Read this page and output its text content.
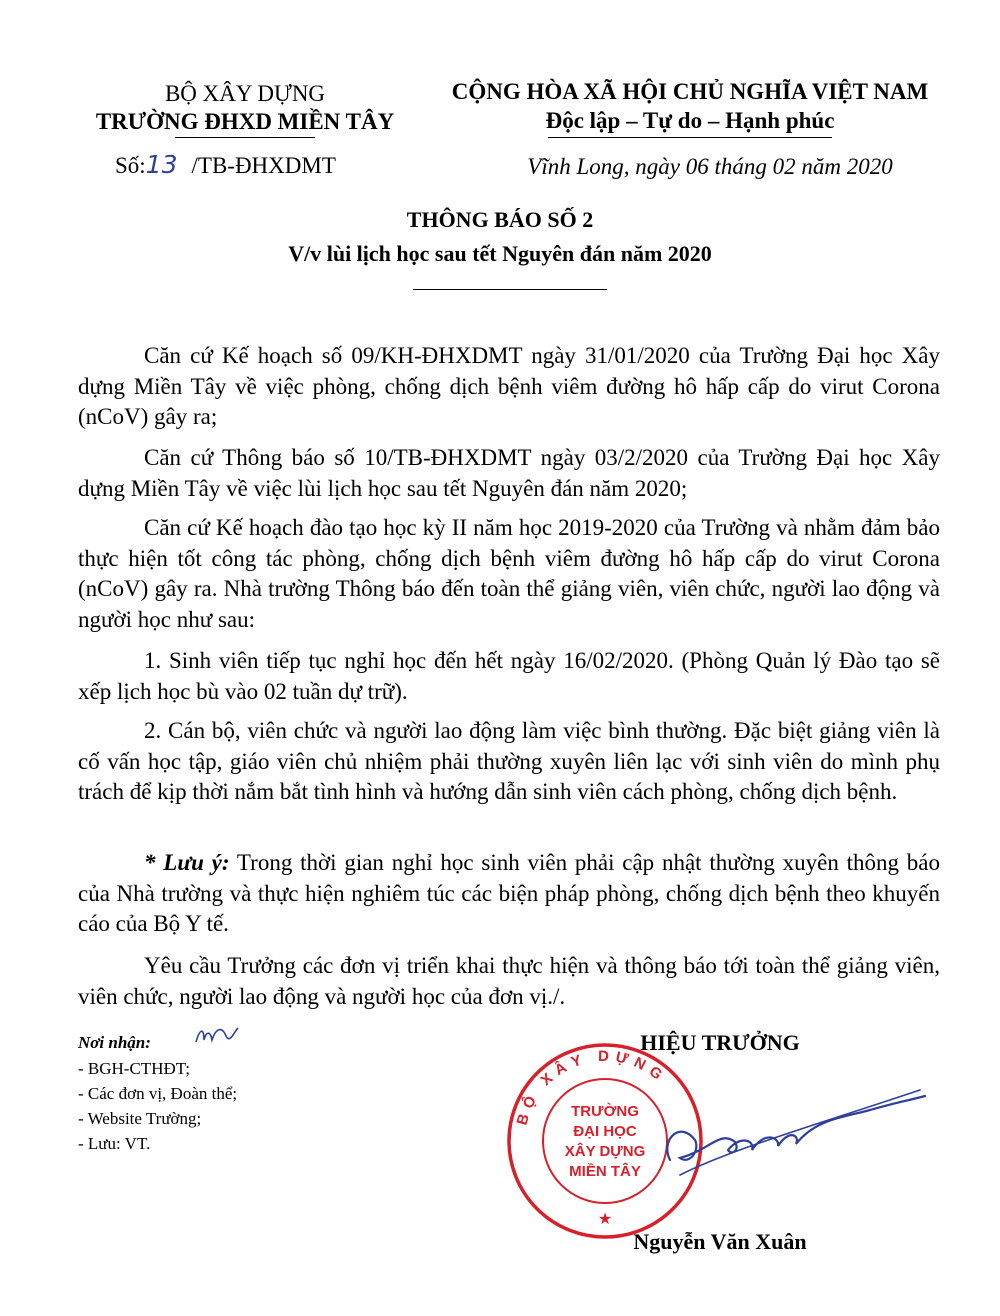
BỘ XÂY DỰNG
TRƯỜNG ĐHXD MIỀN TÂY
Số:13 /TB-ĐHXDMT
CỘNG HÒA XÃ HỘI CHỦ NGHĨA VIỆT NAM
Độc lập – Tự do – Hạnh phúc
Vĩnh Long, ngày 06 tháng 02 năm 2020
THÔNG BÁO SỐ 2
V/v lùi lịch học sau tết Nguyên đán năm 2020
Căn cứ Kế hoạch số 09/KH-ĐHXDMT ngày 31/01/2020 của Trường Đại học Xây dựng Miền Tây về việc phòng, chống dịch bệnh viêm đường hô hấp cấp do virut Corona (nCoV) gây ra;
Căn cứ Thông báo số 10/TB-ĐHXDMT ngày 03/2/2020 của Trường Đại học Xây dựng Miền Tây về việc lùi lịch học sau tết Nguyên đán năm 2020;
Căn cứ Kế hoạch đào tạo học kỳ II năm học 2019-2020 của Trường và nhằm đảm bảo thực hiện tốt công tác phòng, chống dịch bệnh viêm đường hô hấp cấp do virut Corona (nCoV) gây ra. Nhà trường Thông báo đến toàn thể giảng viên, viên chức, người lao động và người học như sau:
1. Sinh viên tiếp tục nghỉ học đến hết ngày 16/02/2020. (Phòng Quản lý Đào tạo sẽ xếp lịch học bù vào 02 tuần dự trữ).
2. Cán bộ, viên chức và người lao động làm việc bình thường. Đặc biệt giảng viên là cố vấn học tập, giáo viên chủ nhiệm phải thường xuyên liên lạc với sinh viên do mình phụ trách để kịp thời nắm bắt tình hình và hướng dẫn sinh viên cách phòng, chống dịch bệnh.
* Lưu ý: Trong thời gian nghỉ học sinh viên phải cập nhật thường xuyên thông báo của Nhà trường và thực hiện nghiêm túc các biện pháp phòng, chống dịch bệnh theo khuyến cáo của Bộ Y tế.
Yêu cầu Trưởng các đơn vị triển khai thực hiện và thông báo tới toàn thể giảng viên, viên chức, người lao động và người học của đơn vị./.
Nơi nhận:
- BGH-CTHĐT;
- Các đơn vị, Đoàn thể;
- Website Trường;
- Lưu: VT.
HIỆU TRƯỞNG
BỘ XÂY DỰNG
TRƯỜNG
ĐẠI HỌC
XÂY DỰNG
MIỀN TÂY
★
Nguyễn Văn Xuân
